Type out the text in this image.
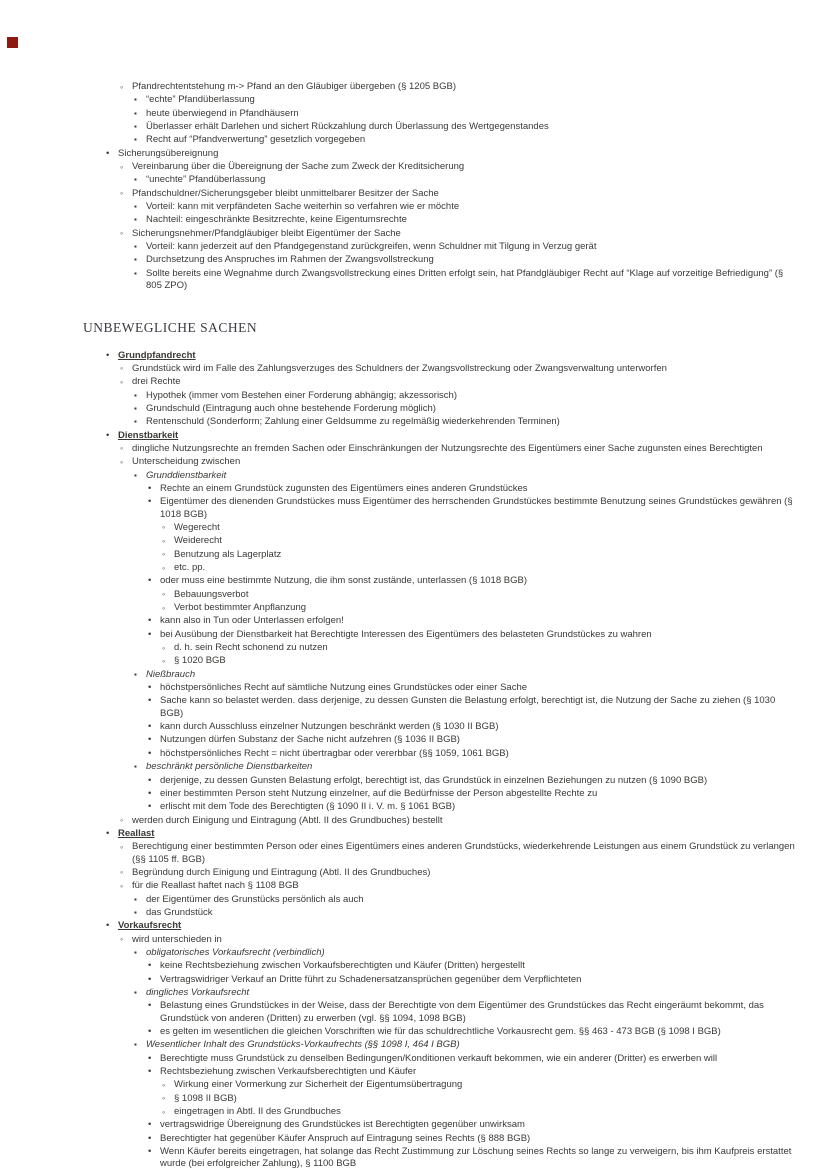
◦ Pfandrechtentstehung m-> Pfand an den Gläubiger übergeben (§ 1205 BGB)
▪ “echte” Pfandüberlassung
▪ heute überwiegend in Pfandhäusern
▪ Überlasser erhält Darlehen und sichert Rückzahlung durch Überlassung des Wertgegenstandes
▪ Recht auf “Pfandverwertung” gesetzlich vorgegeben
• Sicherungsübereignung
◦ Vereinbarung über die Übereignung der Sache zum Zweck der Kreditsicherung
▪ “unechte” Pfandüberlassung
◦ Pfandschuldner/Sicherungsgeber bleibt unmittelbarer Besitzer der Sache
▪ Vorteil: kann mit verpfändeten Sache weiterhin so verfahren wie er möchte
▪ Nachteil: eingeschränkte Besitzrechte, keine Eigentumsrechte
◦ Sicherungsnehmer/Pfandgläubiger bleibt Eigentümer der Sache
▪ Vorteil: kann jederzeit auf den Pfandgegenstand zurückgreifen, wenn Schuldner mit Tilgung in Verzug gerät
▪ Durchsetzung des Anspruches im Rahmen der Zwangsvollstreckung
▪ Sollte bereits eine Wegnahme durch Zwangsvollstreckung eines Dritten erfolgt sein, hat Pfandgläubiger Recht auf “Klage auf vorzeitige Befriedigung” (§ 805 ZPO)
UNBEWEGLICHE SACHEN
• Grundpfandrecht
◦ Grundstück wird im Falle des Zahlungsverzuges des Schuldners der Zwangsvollstreckung oder Zwangsverwaltung unterworfen
◦ drei Rechte
▪ Hypothek (immer vom Bestehen einer Forderung abhängig; akzessorisch)
▪ Grundschuld (Eintragung auch ohne bestehende Forderung möglich)
▪ Rentenschuld (Sonderform; Zahlung einer Geldsumme zu regelmäßig wiederkehrenden Terminen)
• Dienstbarkeit
◦ dingliche Nutzungsrechte an fremden Sachen oder Einschränkungen der Nutzungsrechte des Eigentümers einer Sache zugunsten eines Berechtigten
◦ Unterscheidung zwischen
▪ Grunddienstbarkeit
• Rechte an einem Grundstück zugunsten des Eigentümers eines anderen Grundstückes
• Eigentümer des dienenden Grundstückes muss Eigentümer des herrschenden Grundstückes bestimmte Benutzung seines Grundstückes gewähren (§ 1018 BGB)
◦ Wegerecht
◦ Weiderecht
◦ Benutzung als Lagerplatz
◦ etc. pp.
• oder muss eine bestimmte Nutzung, die ihm sonst zustände, unterlassen (§ 1018 BGB)
◦ Bebauungsverbot
◦ Verbot bestimmter Anpflanzung
• kann also in Tun oder Unterlassen erfolgen!
• bei Ausübung der Dienstbarkeit hat Berechtigte Interessen des Eigentümers des belasteten Grundstückes zu wahren
◦ d. h. sein Recht schonend zu nutzen
◦ § 1020 BGB
▪ Nießbrauch
• höchstpersönliches Recht auf sämtliche Nutzung eines Grundstückes oder einer Sache
• Sache kann so belastet werden. dass derjenige, zu dessen Gunsten die Belastung erfolgt, berechtigt ist, die Nutzung der Sache zu ziehen (§ 1030 BGB)
• kann durch Ausschluss einzelner Nutzungen beschränkt werden (§ 1030 II BGB)
• Nutzungen dürfen Substanz der Sache nicht aufzehren (§ 1036 II BGB)
• höchstpersönliches Recht = nicht übertragbar oder vererbbar (§§ 1059, 1061 BGB)
▪ beschränkt persönliche Dienstbarkeiten
• derjenige, zu dessen Gunsten Belastung erfolgt, berechtigt ist, das Grundstück in einzelnen Beziehungen zu nutzen (§ 1090 BGB)
• einer bestimmten Person steht Nutzung einzelner, auf die Bedürfnisse der Person abgestellte Rechte zu
• erlischt mit dem Tode des Berechtigten (§ 1090 II i. V. m. § 1061 BGB)
◦ werden durch Einigung und Eintragung (Abtl. II des Grundbuches) bestellt
• Reallast
◦ Berechtigung einer bestimmten Person oder eines Eigentümers eines anderen Grundstücks, wiederkehrende Leistungen aus einem Grundstück zu verlangen (§§ 1105 ff. BGB)
◦ Begründung durch Einigung und Eintragung (Abtl. II des Grundbuches)
◦ für die Reallast haftet nach § 1108 BGB
▪ der Eigentümer des Grunstücks persönlich als auch
▪ das Grundstück
• Vorkaufsrecht
◦ wird unterschieden in
▪ obligatorisches Vorkaufsrecht (verbindlich)
• keine Rechtsbeziehung zwischen Vorkaufsberechtigten und Käufer (Dritten) hergestellt
• Vertragswidriger Verkauf an Dritte führt zu Schadenersatzansprüchen gegenüber dem Verpflichteten
▪ dingliches Vorkaufsrecht
• Belastung eines Grundstückes in der Weise, dass der Berechtigte von dem Eigentümer des Grundstückes das Recht eingeräumt bekommt, das Grundstück von anderen (Dritten) zu erwerben (vgl. §§ 1094, 1098 BGB)
• es gelten im wesentlichen die gleichen Vorschriften wie für das schuldrechtliche Vorkausrecht gem. §§ 463 - 473 BGB (§ 1098 I BGB)
▪ Wesentlicher Inhalt des Grundstücks-Vorkaufrechts (§§ 1098 I, 464 I BGB)
• Berechtigte muss Grundstück zu denselben Bedingungen/Konditionen verkauft bekommen, wie ein anderer (Dritter) es erwerben will
• Rechtsbeziehung zwischen Verkaufsberechtigten und Käufer
◦ Wirkung einer Vormerkung zur Sicherheit der Eigentumsübertragung
◦ § 1098 II BGB)
◦ eingetragen in Abtl. II des Grundbuches
• vertragswidrige Übereignung des Grundstückes ist Berechtigten gegenüber unwirksam
• Berechtigter hat gegenüber Käufer Anspruch auf Eintragung seines Rechts (§ 888 BGB)
• Wenn Käufer bereits eingetragen, hat solange das Recht Zustimmung zur Löschung seines Rechts so lange zu verweigern, bis ihm Kaufpreis erstattet wurde (bei erfolgreicher Zahlung), § 1100 BGB
